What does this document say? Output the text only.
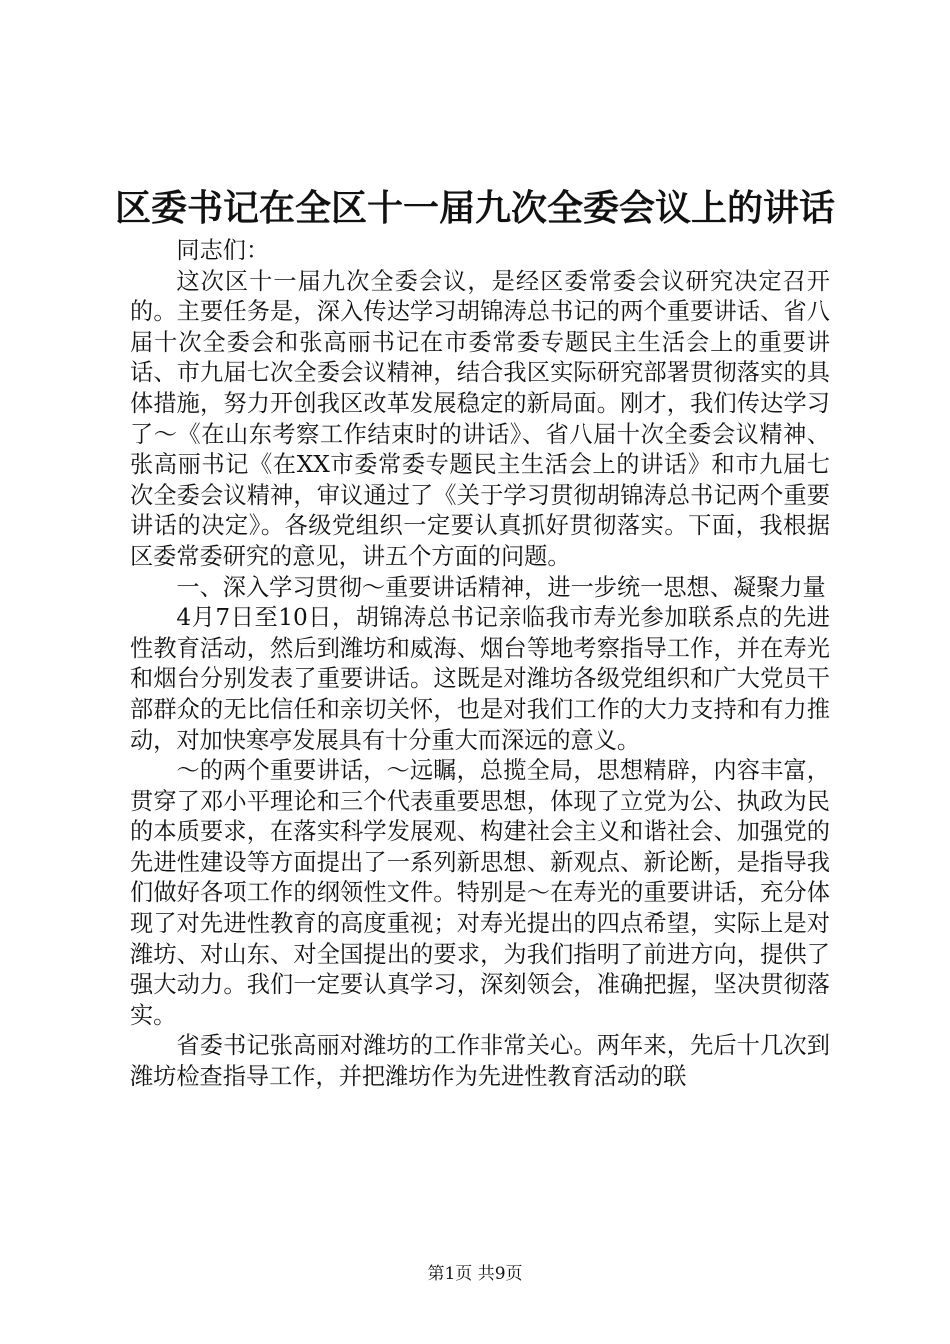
区委书记在全区十一届九次全委会议上的讲话

同志们：

这次区十一届九次全委会议，是经区委常委会议研究决定召开的。主要任务是，深入传达学习胡锦涛总书记的两个重要讲话、省八届十次全委会和张高丽书记在市委常委专题民主生活会上的重要讲话、市九届七次全委会议精神，结合我区实际研究部署贯彻落实的具体措施，努力开创我区改革发展稳定的新局面。刚才，我们传达学习了～《在山东考察工作结束时的讲话》、省八届十次全委会议精神、张高丽书记《在XX市委常委专题民主生活会上的讲话》和市九届七次全委会议精神，审议通过了《关于学习贯彻胡锦涛总书记两个重要讲话的决定》。各级党组织一定要认真抓好贯彻落实。下面，我根据区委常委研究的意见，讲五个方面的问题。

一、深入学习贯彻～重要讲话精神，进一步统一思想、凝聚力量

4月7日至10日，胡锦涛总书记亲临我市寿光参加联系点的先进性教育活动，然后到潍坊和威海、烟台等地考察指导工作，并在寿光和烟台分别发表了重要讲话。这既是对潍坊各级党组织和广大党员干部群众的无比信任和亲切关怀，也是对我们工作的大力支持和有力推动，对加快寒亭发展具有十分重大而深远的意义。

～的两个重要讲话，～远瞩，总揽全局，思想精辟，内容丰富，贯穿了邓小平理论和三个代表重要思想，体现了立党为公、执政为民的本质要求，在落实科学发展观、构建社会主义和谐社会、加强党的先进性建设等方面提出了一系列新思想、新观点、新论断，是指导我们做好各项工作的纲领性文件。特别是～在寿光的重要讲话，充分体现了对先进性教育的高度重视；对寿光提出的四点希望，实际上是对潍坊、对山东、对全国提出的要求，为我们指明了前进方向，提供了强大动力。我们一定要认真学习，深刻领会，准确把握，坚决贯彻落实。

省委书记张高丽对潍坊的工作非常关心。两年来，先后十几次到潍坊检查指导工作，并把潍坊作为先进性教育活动的联

第1页 共9页
